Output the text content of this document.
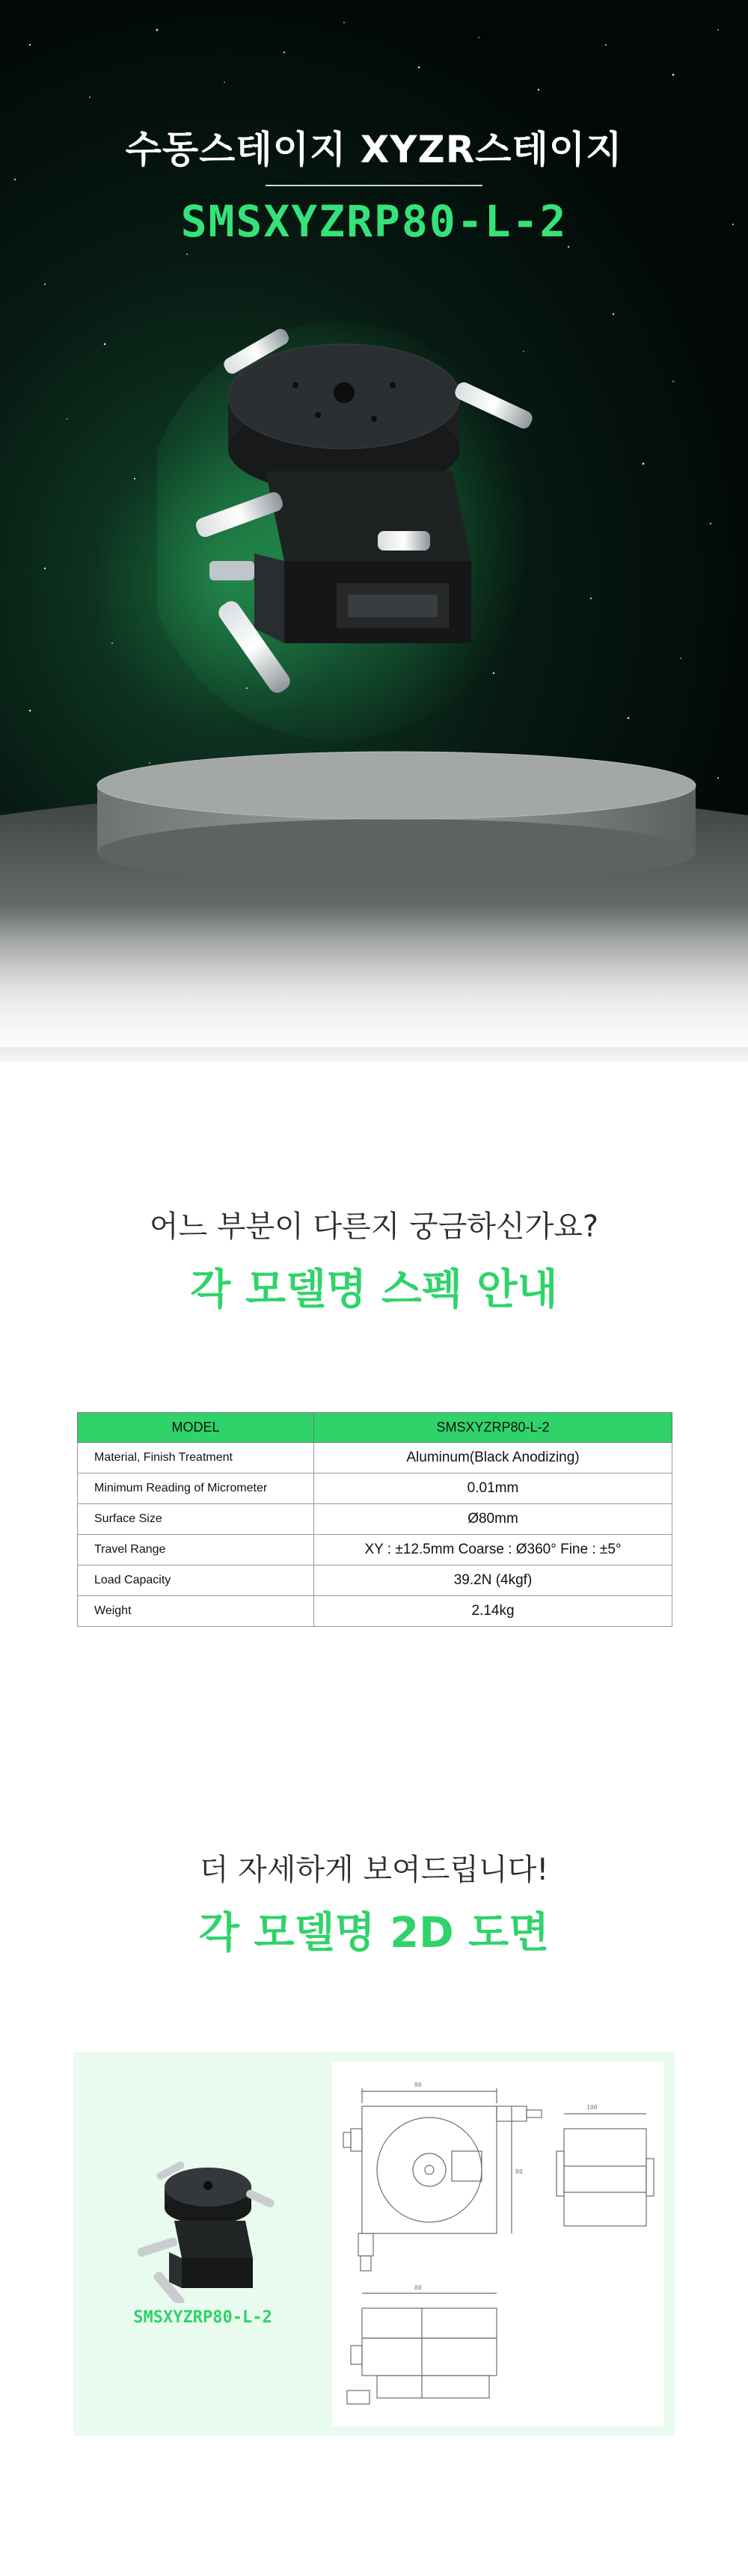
수동스테이지 XYZR스테이지
SMSXYZRP80-L-2
어느 부분이 다른지 궁금하신가요?
각 모델명 스펙 안내
MODEL	SMSXYZRP80-L-2
Material, Finish Treatment	Aluminum(Black Anodizing)
Minimum Reading of Micrometer	0.01mm
Surface Size	Ø80mm
Travel Range	XY : ±12.5mm Coarse : Ø360° Fine : ±5°
Load Capacity	39.2N (4kgf)
Weight	2.14kg
더 자세하게 보여드립니다!
각 모델명 2D 도면
SMSXYZRP80-L-2
80
80
100
80
